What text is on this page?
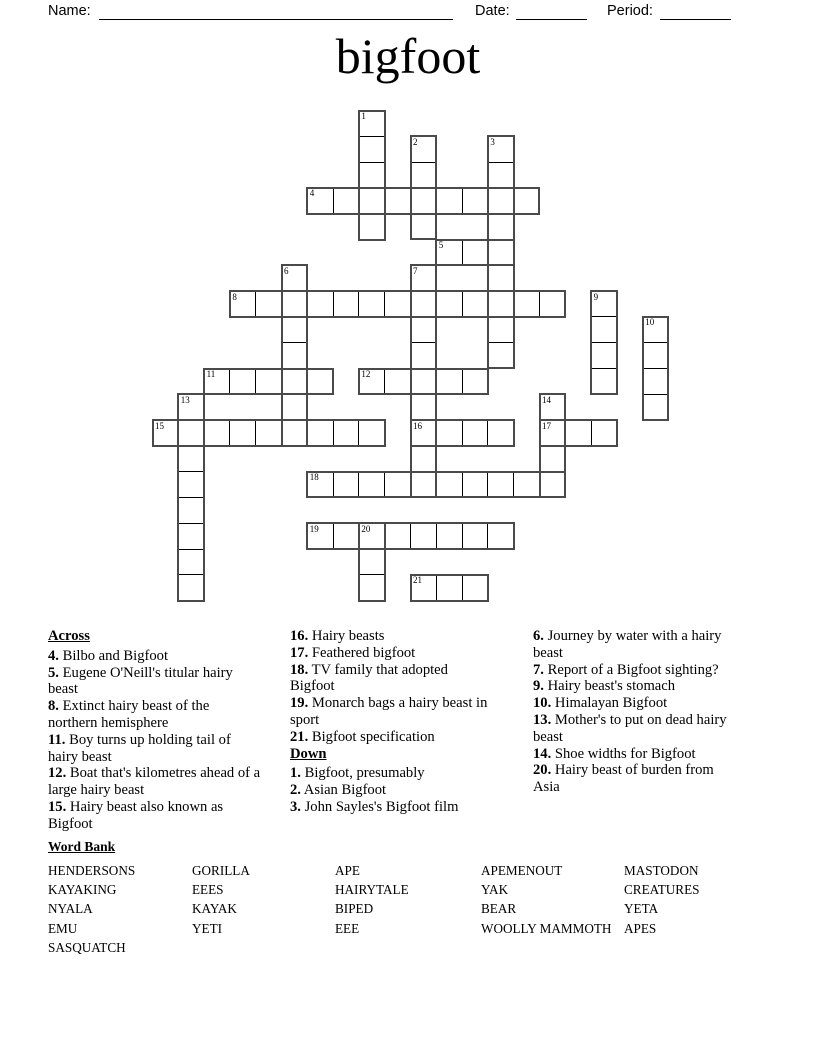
Name:	Date:	Period:
bigfoot
1
2	3
4
5
6	7
16
8	9
10
11	12
13	14
17
15
18
19	20
21
Across

4. Bilbo and Bigfoot

5. Eugene O'Neill's titular hairy beast

8. Extinct hairy beast of the northern hemisphere

11. Boy turns up holding tail of hairy beast

12. Boat that's kilometres ahead of a large hairy beast

15. Hairy beast also known as Bigfoot

16. Hairy beasts

17. Feathered bigfoot

18. TV family that adopted Bigfoot

19. Monarch bags a hairy beast in sport

21. Bigfoot specification

Down

1. Bigfoot, presumably

2. Asian Bigfoot

3. John Sayles's Bigfoot film

6. Journey by water with a hairy beast

7. Report of a Bigfoot sighting?

9. Hairy beast's stomach

10. Himalayan Bigfoot

13. Mother's to put on dead hairy beast

14. Shoe widths for Bigfoot

20. Hairy beast of burden from Asia

Word Bank
HENDERSONS
KAYAKING
NYALA
EMU
SASQUATCH
GORILLA
EEES
KAYAK
YETI
APE
HAIRYTALE
BIPED
EEE
APEMENOUT
YAK
BEAR
WOOLLY MAMMOTH
MASTODON
CREATURES
YETA
APES
